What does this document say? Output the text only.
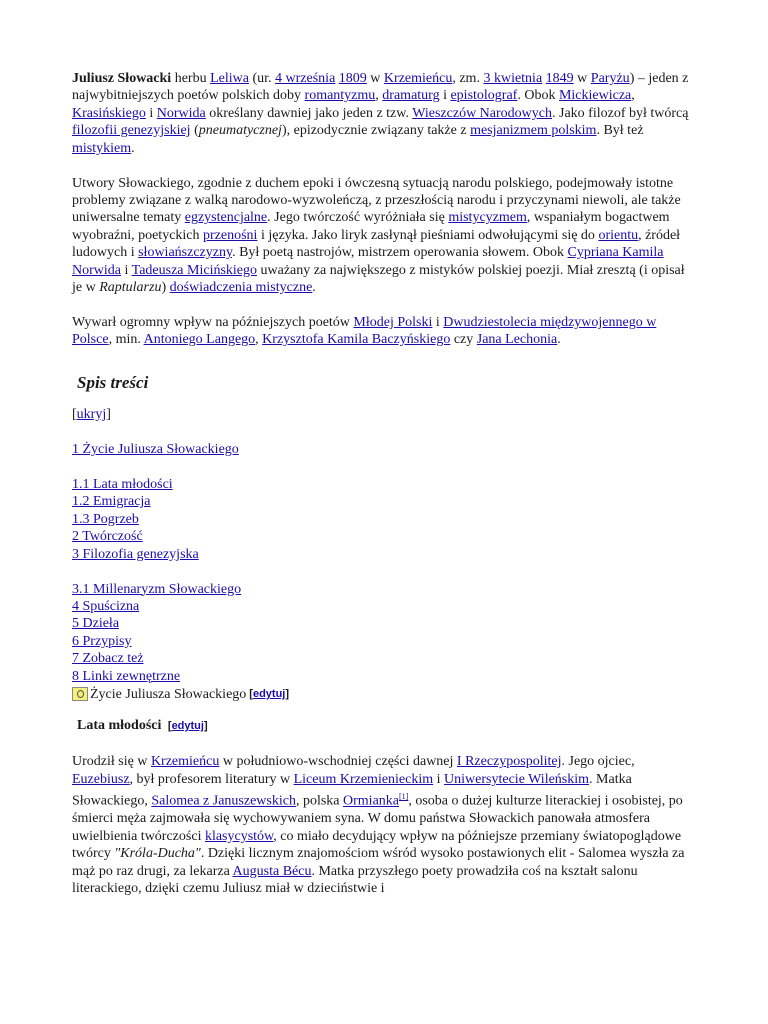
Juliusz Słowacki herbu Leliwa (ur. 4 września 1809 w Krzemieńcu, zm. 3 kwietnia 1849 w Paryżu) – jeden z najwybitniejszych poetów polskich doby romantyzmu, dramaturg i epistolograf. Obok Mickiewicza, Krasińskiego i Norwida określany dawniej jako jeden z tzw. Wieszczów Narodowych. Jako filozof był twórcą filozofii genezyjskiej (pneumatycznej), epizodycznie związany także z mesjanizmem polskim. Był też mistykiem.

Utwory Słowackiego, zgodnie z duchem epoki i ówczesną sytuacją narodu polskiego, podejmowały istotne problemy związane z walką narodowo-wyzwoleńczą, z przeszłością narodu i przyczynami niewoli, ale także uniwersalne tematy egzystencjalne. Jego twórczość wyróżniała się mistycyzmem, wspaniałym bogactwem wyobraźni, poetyckich przenośni i języka. Jako liryk zasłynął pieśniami odwołującymi się do orientu, źródeł ludowych i słowiańszczyzny. Był poetą nastrojów, mistrzem operowania słowem. Obok Cypriana Kamila Norwida i Tadeusza Micińskiego uważany za największego z mistyków polskiej poezji. Miał zresztą (i opisał je w Raptularzu) doświadczenia mistyczne.

Wywarł ogromny wpływ na późniejszych poetów Młodej Polski i Dwudziestolecia międzywojennego w Polsce, min. Antoniego Langego, Krzysztofa Kamila Baczyńskiego czy Jana Lechonia.

Spis treści

[ukryj]

1 Życie Juliusza Słowackiego
1.1 Lata młodości
1.2 Emigracja
1.3 Pogrzeb
2 Twórczość
3 Filozofia genezyjska
3.1 Millenaryzm Słowackiego
4 Spuścizna
5 Dzieła
6 Przypisy
7 Zobacz też
8 Linki zewnętrzne
Życie Juliusza Słowackiego [edytuj]
Lata młodości [edytuj]

Urodził się w Krzemieńcu w południowo-wschodniej części dawnej I Rzeczypospolitej. Jego ojciec, Euzebiusz, był profesorem literatury w Liceum Krzemienieckim i Uniwersytecie Wileńskim. Matka Słowackiego, Salomea z Januszewskich, polska Ormianka[1], osoba o dużej kulturze literackiej i osobistej, po śmierci męża zajmowała się wychowywaniem syna. W domu państwa Słowackich panowała atmosfera uwielbienia twórczości klasycystów, co miało decydujący wpływ na późniejsze przemiany światopoglądowe twórcy "Króla-Ducha". Dzięki licznym znajomościom wśród wysoko postawionych elit - Salomea wyszła za mąż po raz drugi, za lekarza Augusta Bécu. Matka przyszłego poety prowadziła coś na kształt salonu literackiego, dzięki czemu Juliusz miał w dzieciństwie i
